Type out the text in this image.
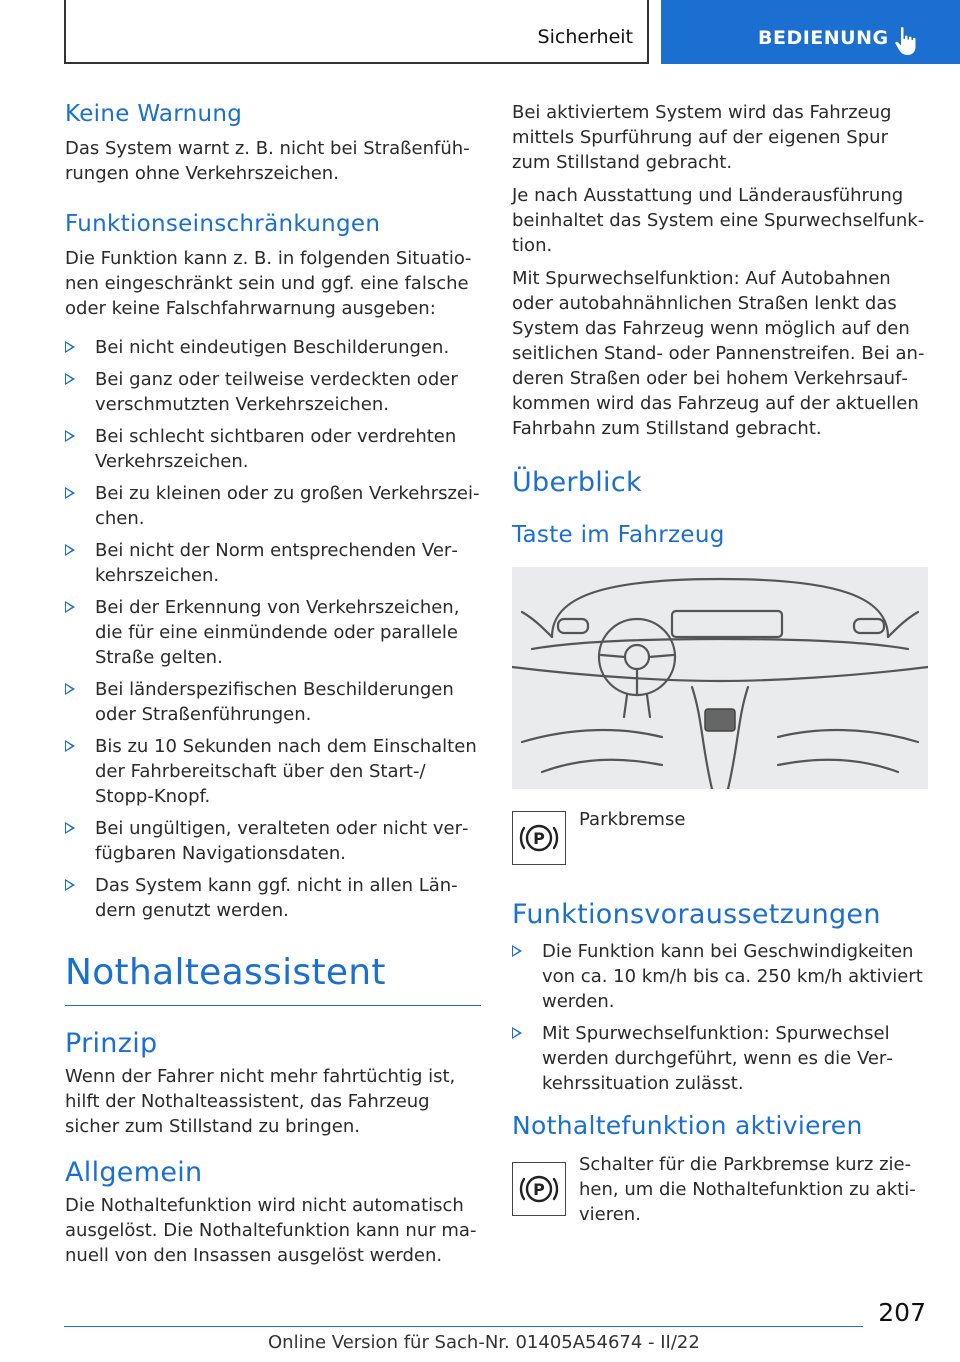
Sicherheit	BEDIENUNG
Keine Warnung
Das System warnt z. B. nicht bei Straßenführungen ohne Verkehrszeichen.
Funktionseinschränkungen
Die Funktion kann z. B. in folgenden Situationen eingeschränkt sein und ggf. eine falsche oder keine Falschfahrwarnung ausgeben:
Bei nicht eindeutigen Beschilderungen.
Bei ganz oder teilweise verdeckten oder verschmutzten Verkehrszeichen.
Bei schlecht sichtbaren oder verdrehten Verkehrszeichen.
Bei zu kleinen oder zu großen Verkehrszeichen.
Bei nicht der Norm entsprechenden Verkehrszeichen.
Bei der Erkennung von Verkehrszeichen, die für eine einmündende oder parallele Straße gelten.
Bei länderspezifischen Beschilderungen oder Straßenführungen.
Bis zu 10 Sekunden nach dem Einschalten der Fahrbereitschaft über den Start-/ Stopp-Knopf.
Bei ungültigen, veralteten oder nicht verfügbaren Navigationsdaten.
Das System kann ggf. nicht in allen Ländern genutzt werden.
Nothalteassistent
Prinzip
Wenn der Fahrer nicht mehr fahrtüchtig ist, hilft der Nothalteassistent, das Fahrzeug sicher zum Stillstand zu bringen.
Allgemein
Die Nothaltefunktion wird nicht automatisch ausgelöst. Die Nothaltefunktion kann nur manuell von den Insassen ausgelöst werden.
Bei aktiviertem System wird das Fahrzeug mittels Spurführung auf der eigenen Spur zum Stillstand gebracht.
Je nach Ausstattung und Länderausführung beinhaltet das System eine Spurwechselfunktion.
Mit Spurwechselfunktion: Auf Autobahnen oder autobahnähnlichen Straßen lenkt das System das Fahrzeug wenn möglich auf den seitlichen Stand- oder Pannenstreifen. Bei anderen Straßen oder bei hohem Verkehrsaufkommen wird das Fahrzeug auf der aktuellen Fahrbahn zum Stillstand gebracht.
Überblick
Taste im Fahrzeug
P
Parkbremse
Funktionsvoraussetzungen
Die Funktion kann bei Geschwindigkeiten von ca. 10 km/h bis ca. 250 km/h aktiviert werden.
Mit Spurwechselfunktion: Spurwechsel werden durchgeführt, wenn es die Verkehrssituation zulässt.
Nothaltefunktion aktivieren
P
Schalter für die Parkbremse kurz ziehen, um die Nothaltefunktion zu aktivieren.
207
Online Version für Sach-Nr. 01405A54674 - II/22
